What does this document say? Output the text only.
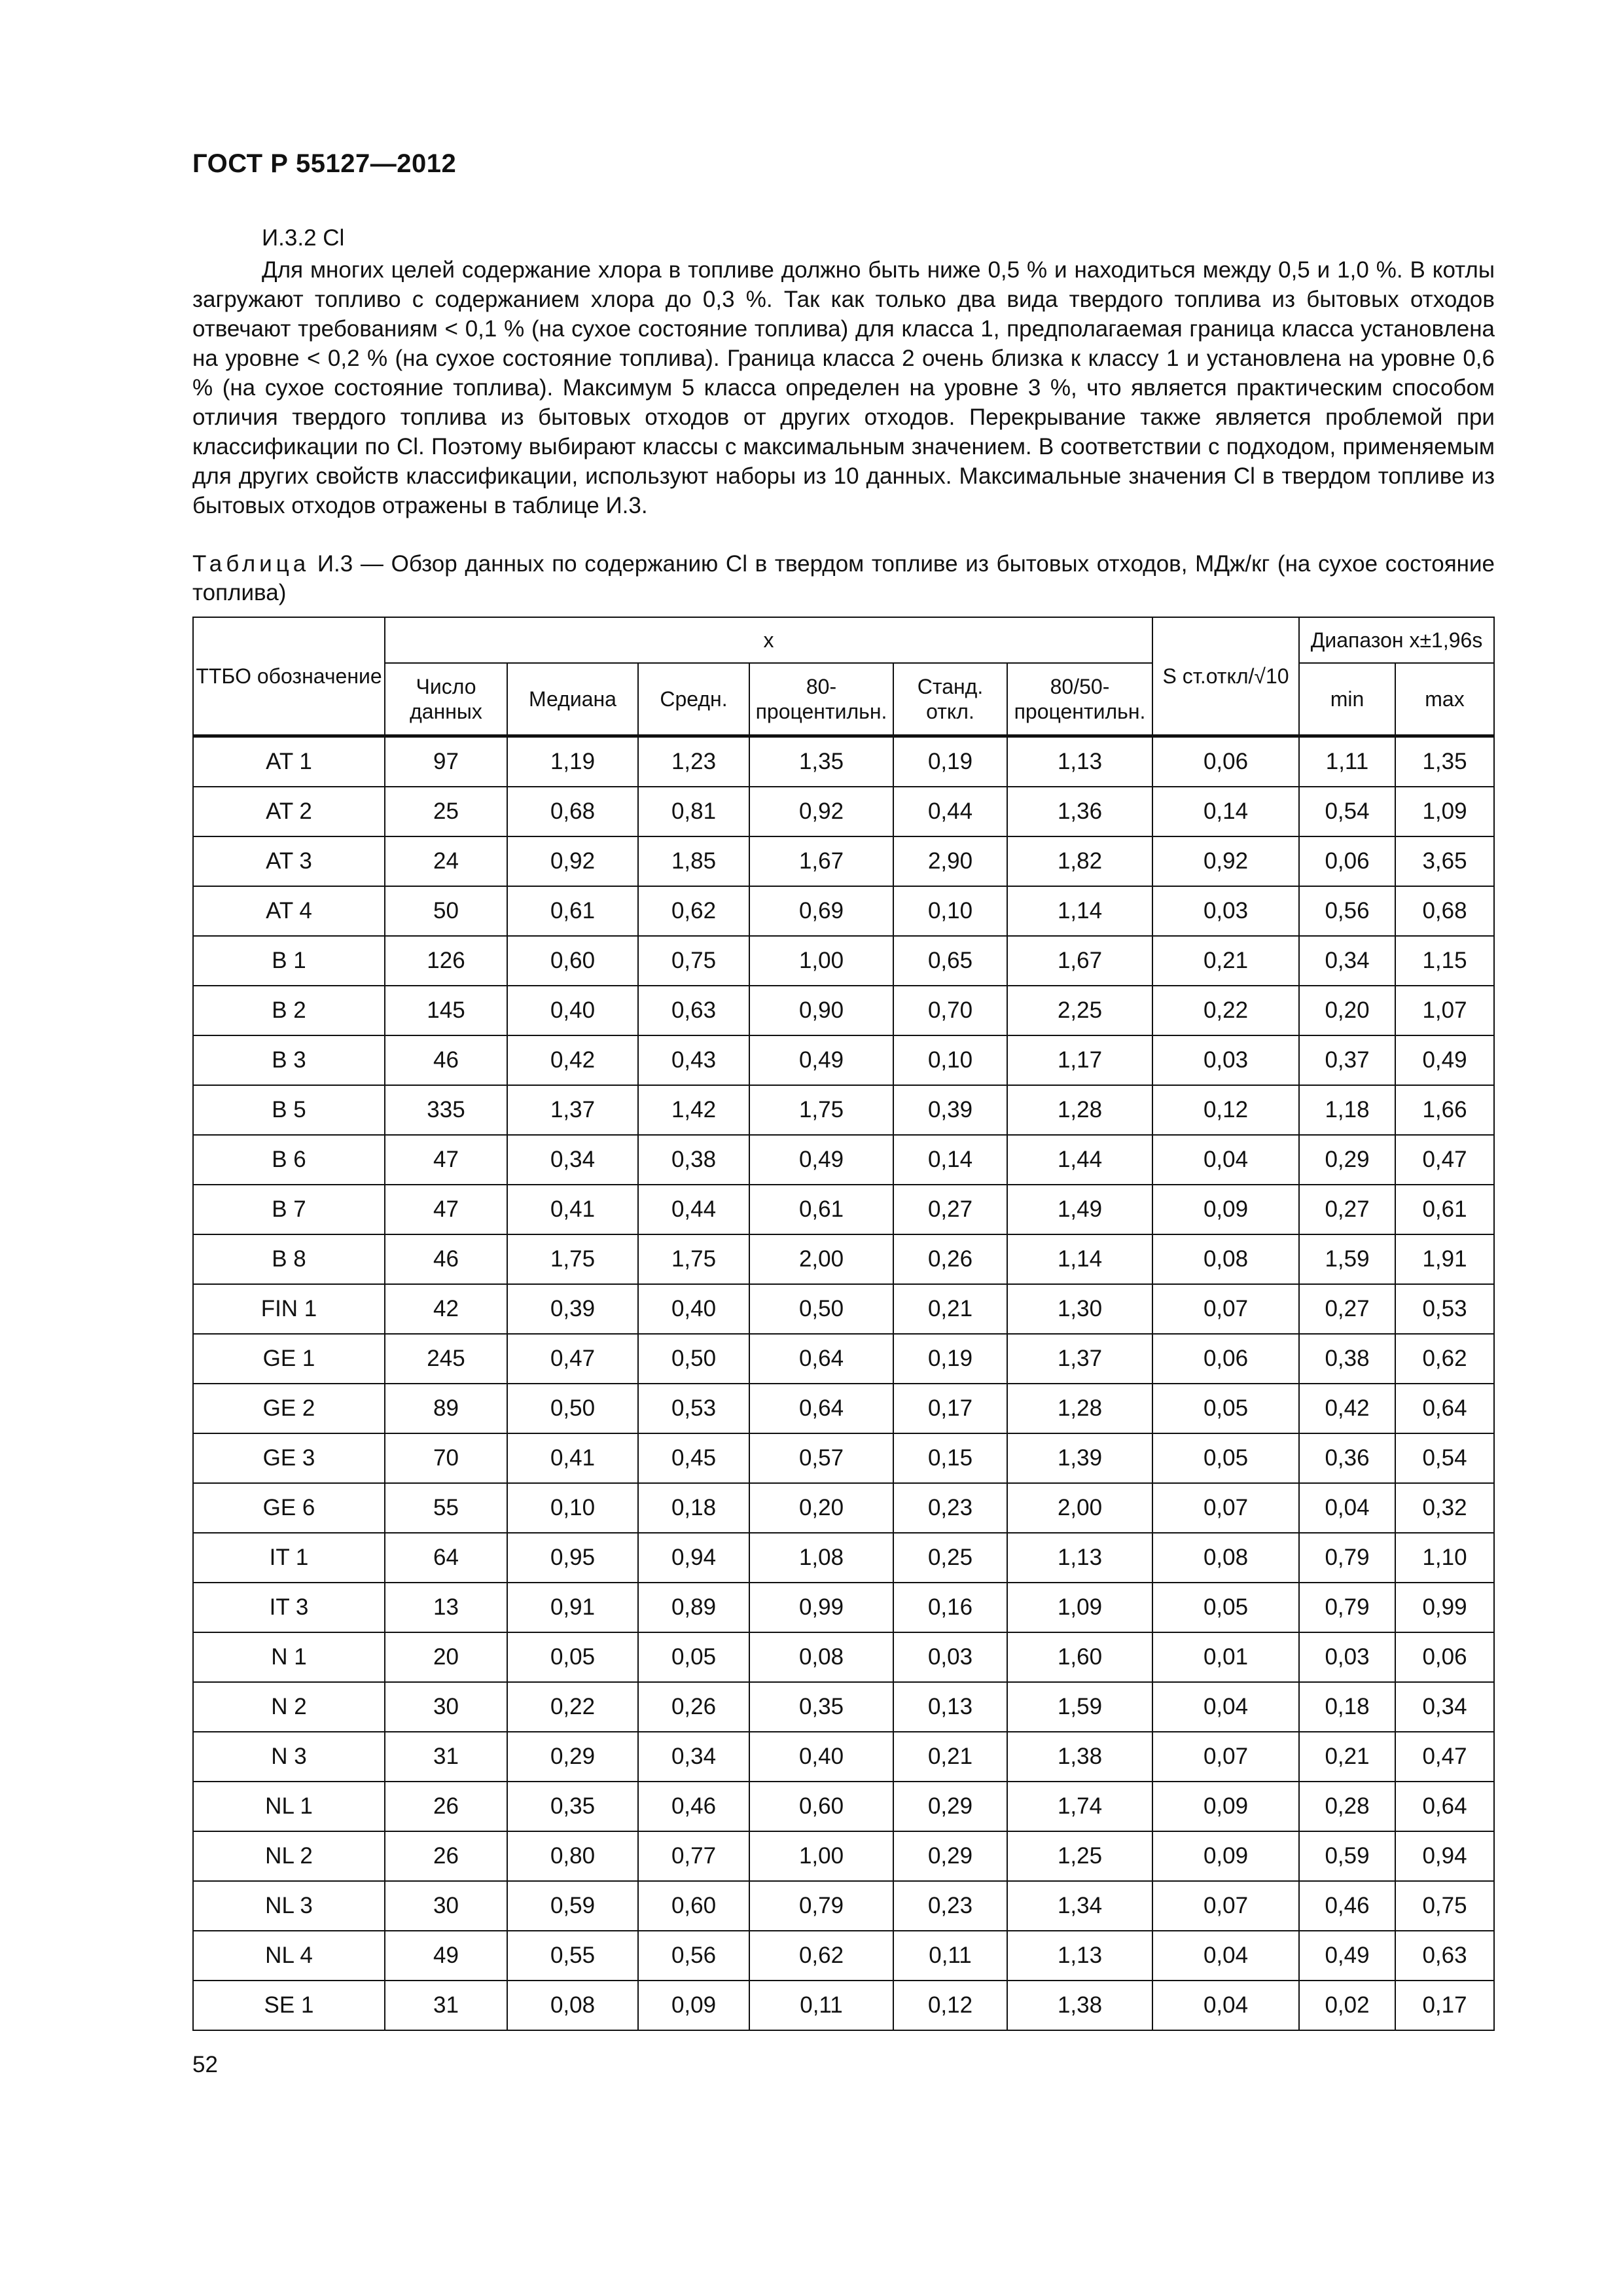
ГОСТ Р 55127—2012
И.3.2 Cl

Для многих целей содержание хлора в топливе должно быть ниже 0,5 % и находиться между 0,5 и 1,0 %. В котлы загружают топливо с содержанием хлора до 0,3 %. Так как только два вида твердого топлива из бытовых отходов отвечают требованиям < 0,1 % (на сухое состояние топлива) для класса 1, предполагаемая граница класса установлена на уровне < 0,2 % (на сухое состояние топлива). Граница класса 2 очень близка к классу 1 и установлена на уровне 0,6 % (на сухое состояние топлива). Максимум 5 класса определен на уровне 3 %, что является практическим способом отличия твердого топлива из бытовых отходов от других отходов. Перекрывание также является проблемой при классификации по Cl. Поэтому выбирают классы с максимальным значением. В соответствии с подходом, применяемым для других свойств классификации, используют наборы из 10 данных. Максимальные значения Cl в твердом топливе из бытовых отходов отражены в таблице И.3.

Таблица И.3 — Обзор данных по содержанию Cl в твердом топливе из бытовых отходов, МДж/кг (на сухое состояние топлива)
ТТБО обозначение	x						S ст.откл/√10	Диапазон x±1,96s	
	Число данных	Медиана	Средн.	80-процентильн.	Станд. откл.	80/50-процентильн.		min	max
AT 1	97	1,19	1,23	1,35	0,19	1,13	0,06	1,11	1,35
AT 2	25	0,68	0,81	0,92	0,44	1,36	0,14	0,54	1,09
AT 3	24	0,92	1,85	1,67	2,90	1,82	0,92	0,06	3,65
AT 4	50	0,61	0,62	0,69	0,10	1,14	0,03	0,56	0,68
B 1	126	0,60	0,75	1,00	0,65	1,67	0,21	0,34	1,15
B 2	145	0,40	0,63	0,90	0,70	2,25	0,22	0,20	1,07
B 3	46	0,42	0,43	0,49	0,10	1,17	0,03	0,37	0,49
B 5	335	1,37	1,42	1,75	0,39	1,28	0,12	1,18	1,66
B 6	47	0,34	0,38	0,49	0,14	1,44	0,04	0,29	0,47
B 7	47	0,41	0,44	0,61	0,27	1,49	0,09	0,27	0,61
B 8	46	1,75	1,75	2,00	0,26	1,14	0,08	1,59	1,91
FIN 1	42	0,39	0,40	0,50	0,21	1,30	0,07	0,27	0,53
GE 1	245	0,47	0,50	0,64	0,19	1,37	0,06	0,38	0,62
GE 2	89	0,50	0,53	0,64	0,17	1,28	0,05	0,42	0,64
GE 3	70	0,41	0,45	0,57	0,15	1,39	0,05	0,36	0,54
GE 6	55	0,10	0,18	0,20	0,23	2,00	0,07	0,04	0,32
IT 1	64	0,95	0,94	1,08	0,25	1,13	0,08	0,79	1,10
IT 3	13	0,91	0,89	0,99	0,16	1,09	0,05	0,79	0,99
N 1	20	0,05	0,05	0,08	0,03	1,60	0,01	0,03	0,06
N 2	30	0,22	0,26	0,35	0,13	1,59	0,04	0,18	0,34
N 3	31	0,29	0,34	0,40	0,21	1,38	0,07	0,21	0,47
NL 1	26	0,35	0,46	0,60	0,29	1,74	0,09	0,28	0,64
NL 2	26	0,80	0,77	1,00	0,29	1,25	0,09	0,59	0,94
NL 3	30	0,59	0,60	0,79	0,23	1,34	0,07	0,46	0,75
NL 4	49	0,55	0,56	0,62	0,11	1,13	0,04	0,49	0,63
SE 1	31	0,08	0,09	0,11	0,12	1,38	0,04	0,02	0,17
52
